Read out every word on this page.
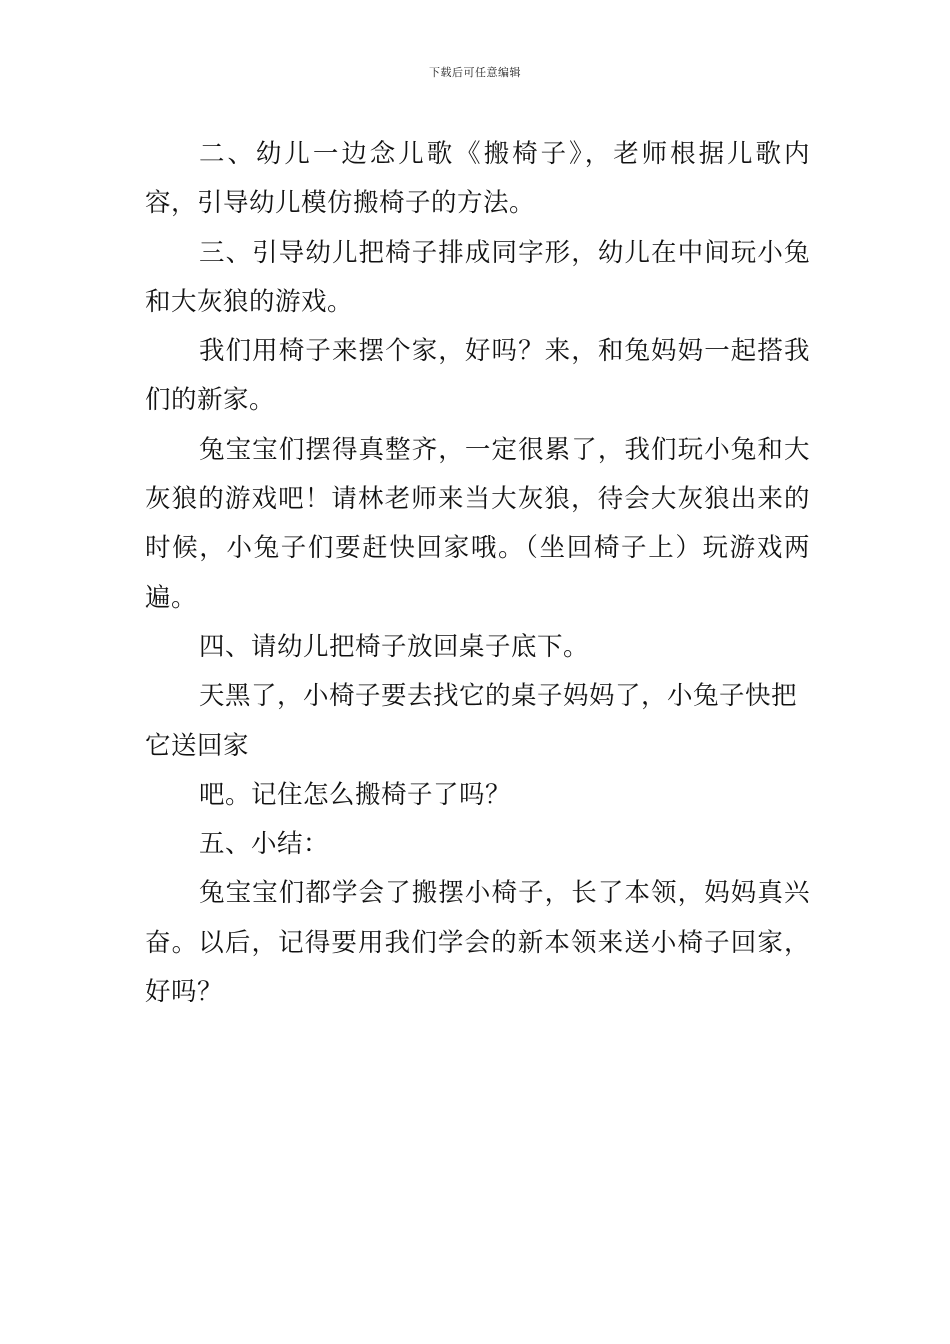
下载后可任意编辑

二、幼儿一边念儿歌《搬椅子》，老师根据儿歌内容，引导幼儿模仿搬椅子的方法。

三、引导幼儿把椅子排成同字形，幼儿在中间玩小兔和大灰狼的游戏。

我们用椅子来摆个家，好吗？来，和兔妈妈一起搭我们的新家。

兔宝宝们摆得真整齐，一定很累了，我们玩小兔和大灰狼的游戏吧！请林老师来当大灰狼，待会大灰狼出来的时候，小兔子们要赶快回家哦。（坐回椅子上）玩游戏两遍。

四、请幼儿把椅子放回桌子底下。

天黑了，小椅子要去找它的桌子妈妈了，小兔子快把它送回家

吧。记住怎么搬椅子了吗？

五、小结：

兔宝宝们都学会了搬摆小椅子，长了本领，妈妈真兴奋。以后，记得要用我们学会的新本领来送小椅子回家，好吗？
